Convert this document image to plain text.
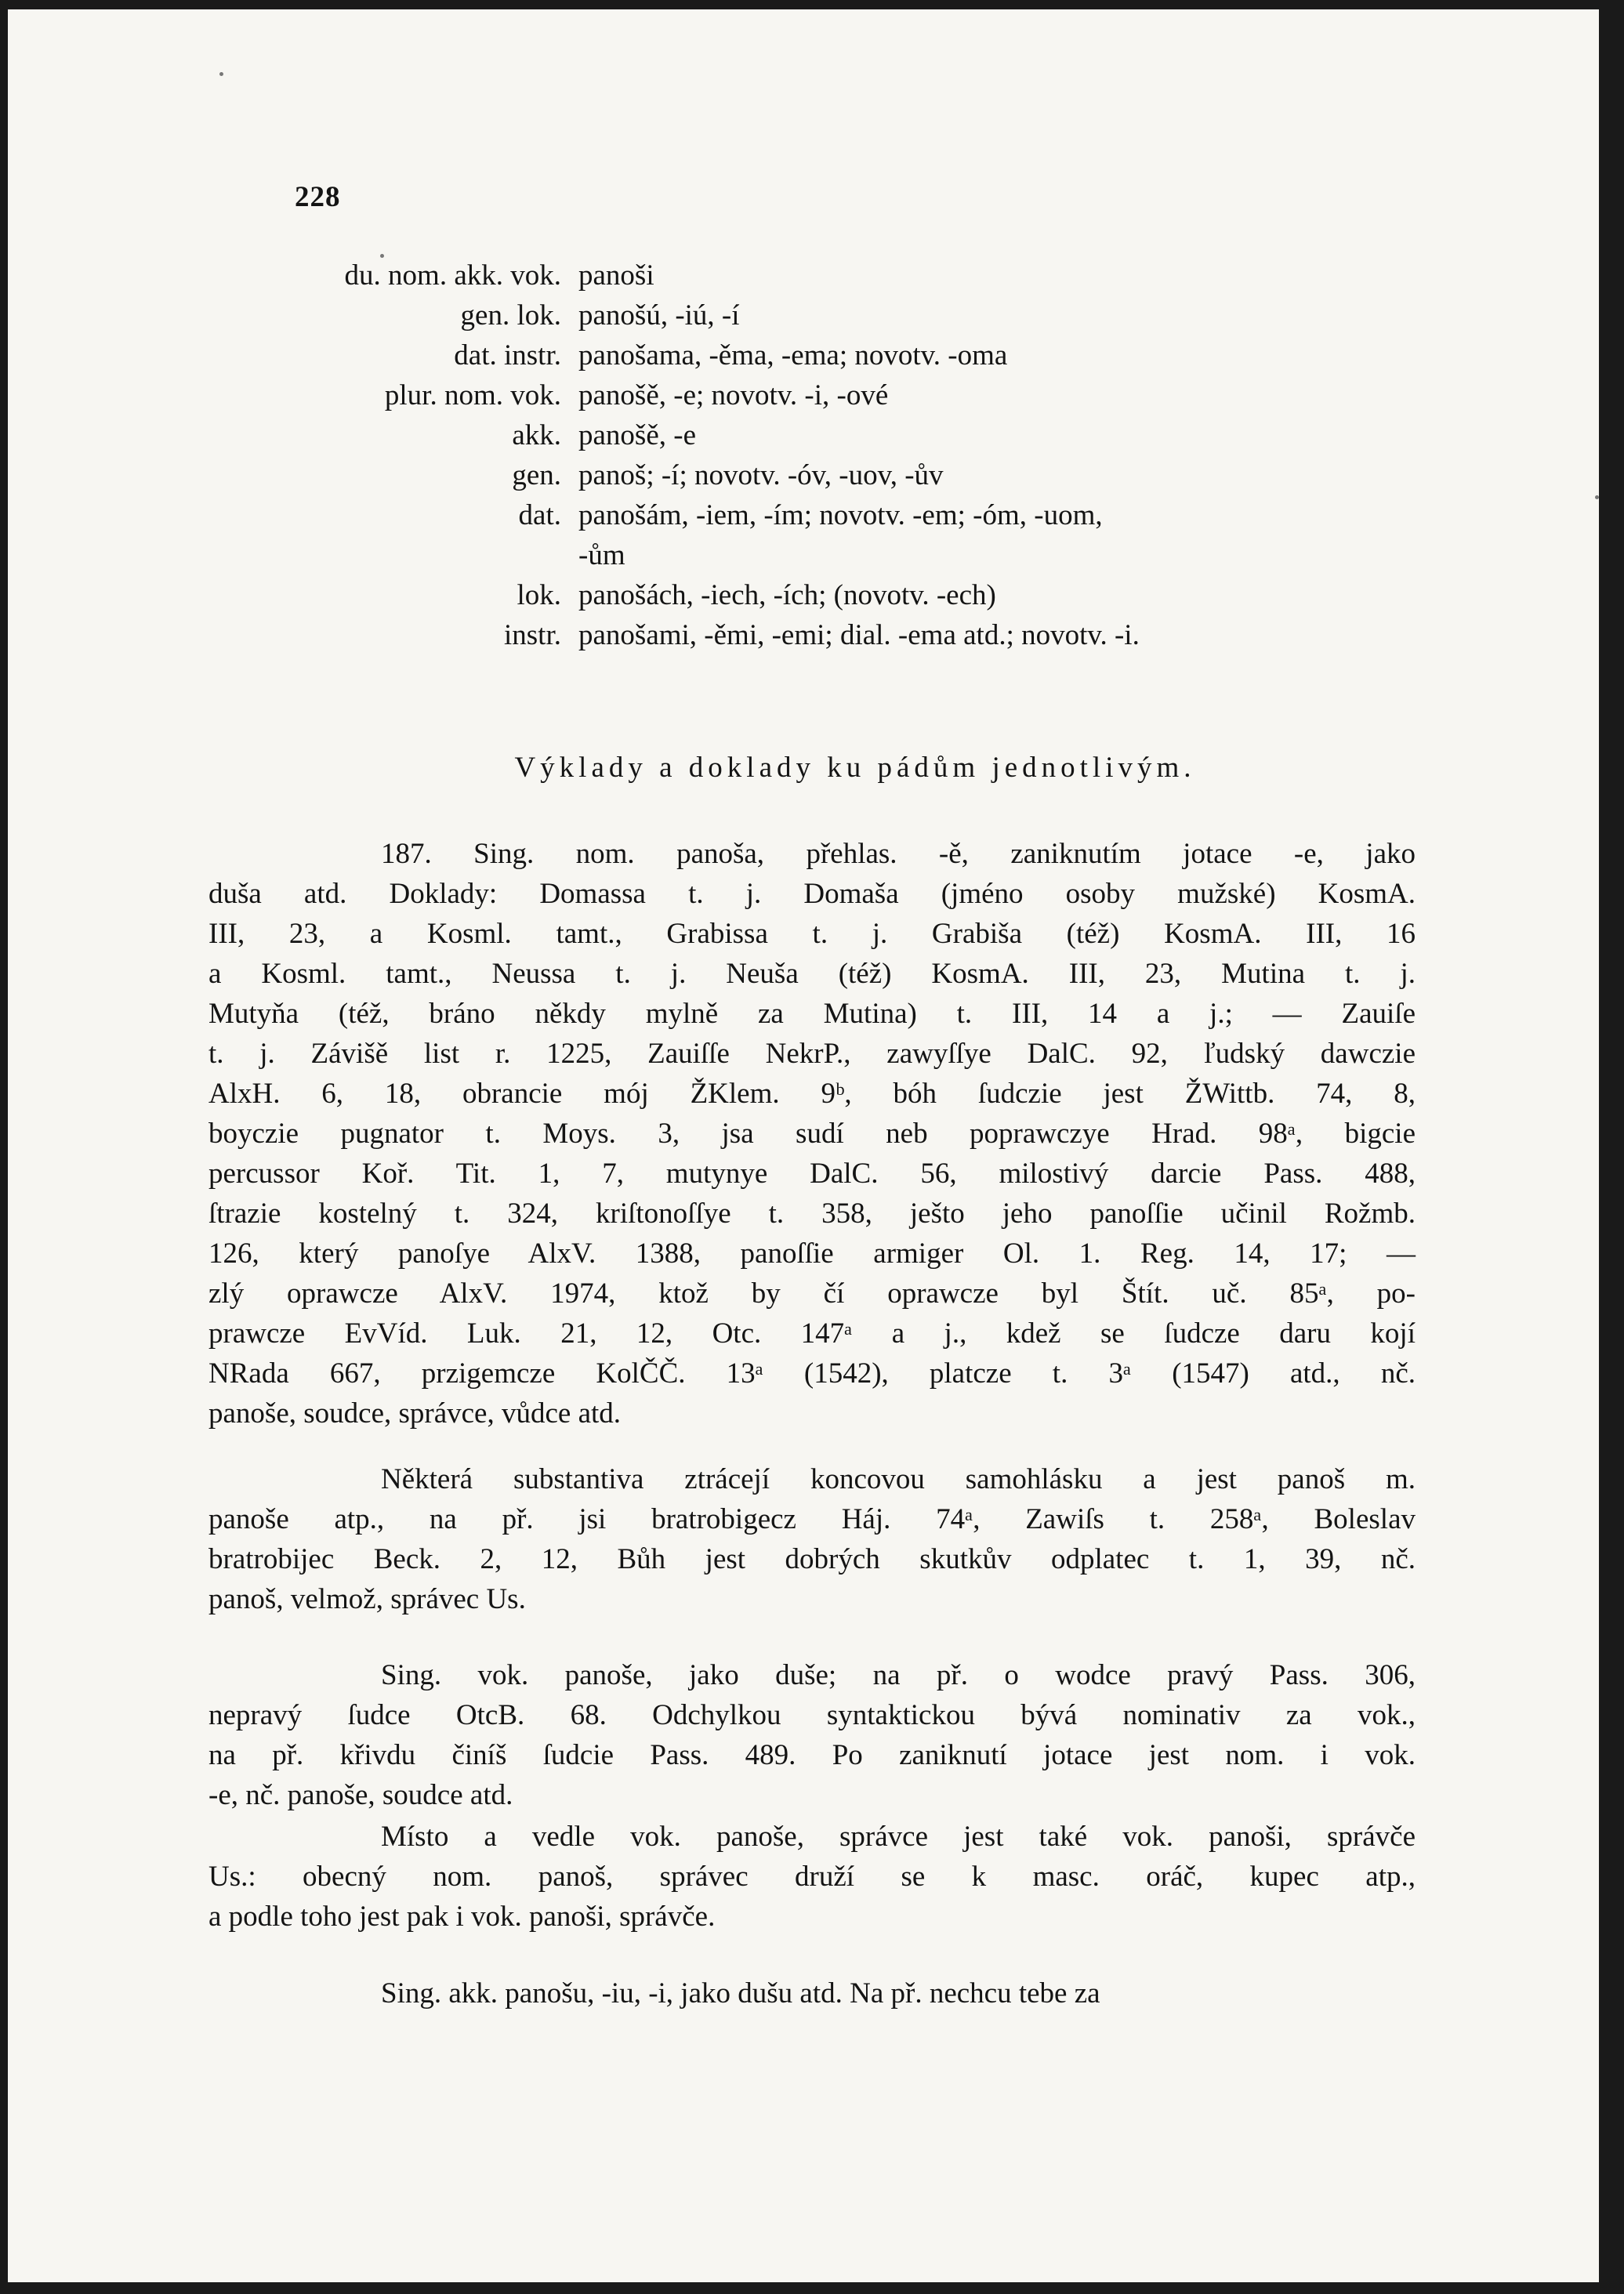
228
du. nom. akk. vok. panoši
gen. lok. panošú, -iú, -í
dat. instr. panošama, -ěma, -ema; novotv. -oma
plur. nom. vok. panošě, -e; novotv. -i, -ové
akk. panošě, -e
gen. panoš; -í; novotv. -óv, -uov, -ův
dat. panošám, -iem, -ím; novotv. -em; -óm, -uom,
-ům
lok. panošách, -iech, -ích; (novotv. -ech)
instr. panošami, -ěmi, -emi; dial. -ema atd.; novotv. -i.
Výklady a doklady ku pádům jednotlivým.
187. Sing. nom. panoša, přehlas. -ě, zaniknutím jotace -e, jako
duša atd. Doklady: Domassa t. j. Domaša (jméno osoby mužské) KosmA.
III, 23, a Kosml. tamt., Grabissa t. j. Grabiša (též) KosmA. III, 16
a Kosml. tamt., Neussa t. j. Neuša (též) KosmA. III, 23, Mutina t. j.
Mutyňa (též, bráno někdy mylně za Mutina) t. III, 14 a j.; — Zauiſe
t. j. Závišě list r. 1225, Zauiſſe NekrP., zawyſſye DalC. 92, ľudský dawczie
AlxH. 6, 18, obrancie mój ŽKlem. 9ᵇ, bóh ſudczie jest ŽWittb. 74, 8,
boyczie pugnator t. Moys. 3, jsa sudí neb poprawczye Hrad. 98ᵃ, bigcie
percussor Koř. Tit. 1, 7, mutynye DalC. 56, milostivý darcie Pass. 488,
ſtrazie kostelný t. 324, kriſtonoſſye t. 358, ješto jeho panoſſie učinil Rožmb.
126, který panoſye AlxV. 1388, panoſſie armiger Ol. 1. Reg. 14, 17; —
zlý oprawcze AlxV. 1974, ktož by čí oprawcze byl Štít. uč. 85ᵃ, po-
prawcze EvVíd. Luk. 21, 12, Otc. 147ᵃ a j., kdež se ſudcze daru kojí
NRada 667, przigemcze KolČČ. 13ᵃ (1542), platcze t. 3ᵃ (1547) atd., nč.
panoše, soudce, správce, vůdce atd.
Některá substantiva ztrácejí koncovou samohlásku a jest panoš m.
panoše atp., na př. jsi bratrobigecz Háj. 74ᵃ, Zawiſs t. 258ᵃ, Boleslav
bratrobijec Beck. 2, 12, Bůh jest dobrých skutkův odplatec t. 1, 39, nč.
panoš, velmož, správec Us.
Sing. vok. panoše, jako duše; na př. o wodce pravý Pass. 306,
nepravý ſudce OtcB. 68. Odchylkou syntaktickou bývá nominativ za vok.,
na př. křivdu činíš ſudcie Pass. 489. Po zaniknutí jotace jest nom. i vok.
-e, nč. panoše, soudce atd.
Místo a vedle vok. panoše, správce jest také vok. panoši, správče
Us.: obecný nom. panoš, správec druží se k masc. oráč, kupec atp.,
a podle toho jest pak i vok. panoši, správče.
Sing. akk. panošu, -iu, -i, jako dušu atd. Na př. nechcu tebe za
